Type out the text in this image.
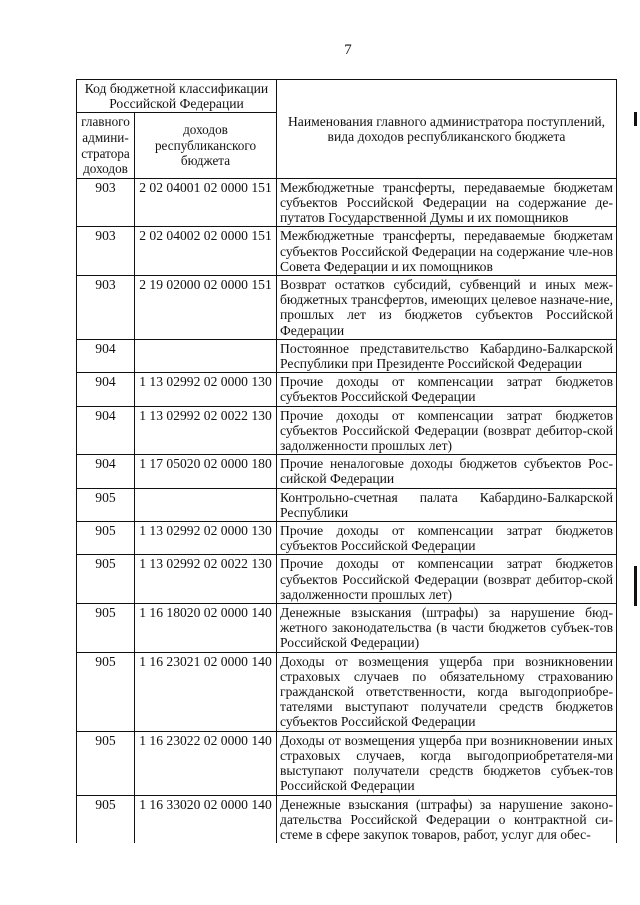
7
Код бюджетной классификации Российской Федерации		Наименования главного администратора поступлений, вида доходов республиканского бюджета
главного админи-стратора доходов	доходов республиканского бюджета	
903	2 02 04001 02 0000 151	Межбюджетные трансферты, передаваемые бюджетам субъектов Российской Федерации на содержание де-путатов Государственной Думы и их помощников
903	2 02 04002 02 0000 151	Межбюджетные трансферты, передаваемые бюджетам субъектов Российской Федерации на содержание чле-нов Совета Федерации и их помощников
903	2 19 02000 02 0000 151	Возврат остатков субсидий, субвенций и иных меж-бюджетных трансфертов, имеющих целевое назначе-ние, прошлых лет из бюджетов субъектов Российской Федерации
904		Постоянное представительство Кабардино-Балкарской Республики при Президенте Российской Федерации
904	1 13 02992 02 0000 130	Прочие доходы от компенсации затрат бюджетов субъектов Российской Федерации
904	1 13 02992 02 0022 130	Прочие доходы от компенсации затрат бюджетов субъектов Российской Федерации (возврат дебитор-ской задолженности прошлых лет)
904	1 17 05020 02 0000 180	Прочие неналоговые доходы бюджетов субъектов Рос-сийской Федерации
905		Контрольно-счетная палата Кабардино-Балкарской Республики
905	1 13 02992 02 0000 130	Прочие доходы от компенсации затрат бюджетов субъектов Российской Федерации
905	1 13 02992 02 0022 130	Прочие доходы от компенсации затрат бюджетов субъектов Российской Федерации (возврат дебитор-ской задолженности прошлых лет)
905	1 16 18020 02 0000 140	Денежные взыскания (штрафы) за нарушение бюд-жетного законодательства (в части бюджетов субъек-тов Российской Федерации)
905	1 16 23021 02 0000 140	Доходы от возмещения ущерба при возникновении страховых случаев по обязательному страхованию гражданской ответственности, когда выгодоприобре-тателями выступают получатели средств бюджетов субъектов Российской Федерации
905	1 16 23022 02 0000 140	Доходы от возмещения ущерба при возникновении иных страховых случаев, когда выгодоприобретателя-ми выступают получатели средств бюджетов субъек-тов Российской Федерации
905	1 16 33020 02 0000 140	Денежные взыскания (штрафы) за нарушение законо-дательства Российской Федерации о контрактной си-стеме в сфере закупок товаров, работ, услуг для обес-
